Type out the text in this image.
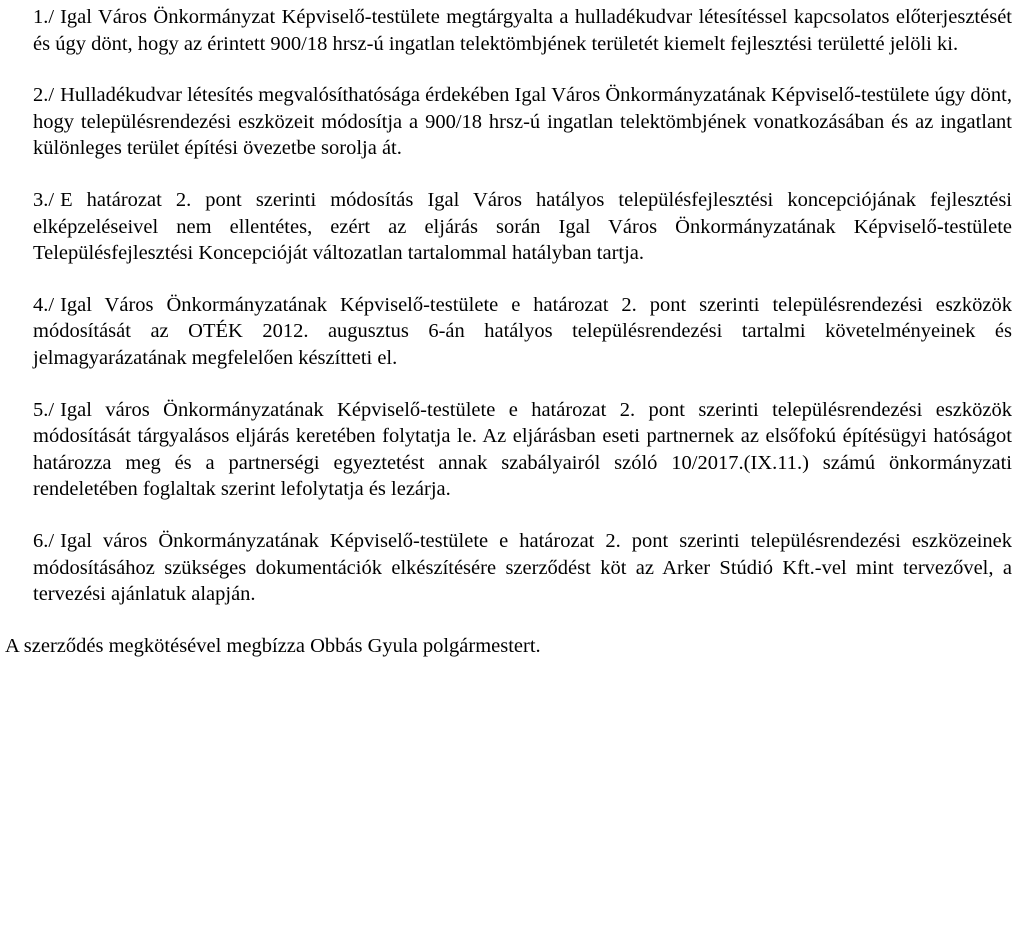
1./ Igal Város Önkormányzat Képviselő-testülete megtárgyalta a hulladékudvar létesítéssel kapcsolatos előterjesztését és úgy dönt, hogy az érintett 900/18 hrsz-ú ingatlan telektömbjének területét kiemelt fejlesztési területté jelöli ki.

2./ Hulladékudvar létesítés megvalósíthatósága érdekében Igal Város Önkormányzatának Képviselő-testülete úgy dönt, hogy településrendezési eszközeit módosítja a 900/18 hrsz-ú ingatlan telektömbjének vonatkozásában és az ingatlant különleges terület építési övezetbe sorolja át.

3./ E határozat 2. pont szerinti módosítás Igal Város hatályos településfejlesztési koncepciójának fejlesztési elképzeléseivel nem ellentétes, ezért az eljárás során Igal Város Önkormányzatának Képviselő-testülete Településfejlesztési Koncepcióját változatlan tartalommal hatályban tartja.

4./ Igal Város Önkormányzatának Képviselő-testülete e határozat 2. pont szerinti településrendezési eszközök módosítását az OTÉK 2012. augusztus 6-án hatályos településrendezési tartalmi követelményeinek és jelmagyarázatának megfelelően készítteti el.

5./ Igal város Önkormányzatának Képviselő-testülete e határozat 2. pont szerinti településrendezési eszközök módosítását tárgyalásos eljárás keretében folytatja le. Az eljárásban eseti partnernek az elsőfokú építésügyi hatóságot határozza meg és a partnerségi egyeztetést annak szabályairól szóló 10/2017.(IX.11.) számú önkormányzati rendeletében foglaltak szerint lefolytatja és lezárja.

6./ Igal város Önkormányzatának Képviselő-testülete e határozat 2. pont szerinti településrendezési eszközeinek módosításához szükséges dokumentációk elkészítésére szerződést köt az Arker Stúdió Kft.-vel mint tervezővel, a tervezési ajánlatuk alapján.

A szerződés megkötésével megbízza Obbás Gyula polgármestert.
